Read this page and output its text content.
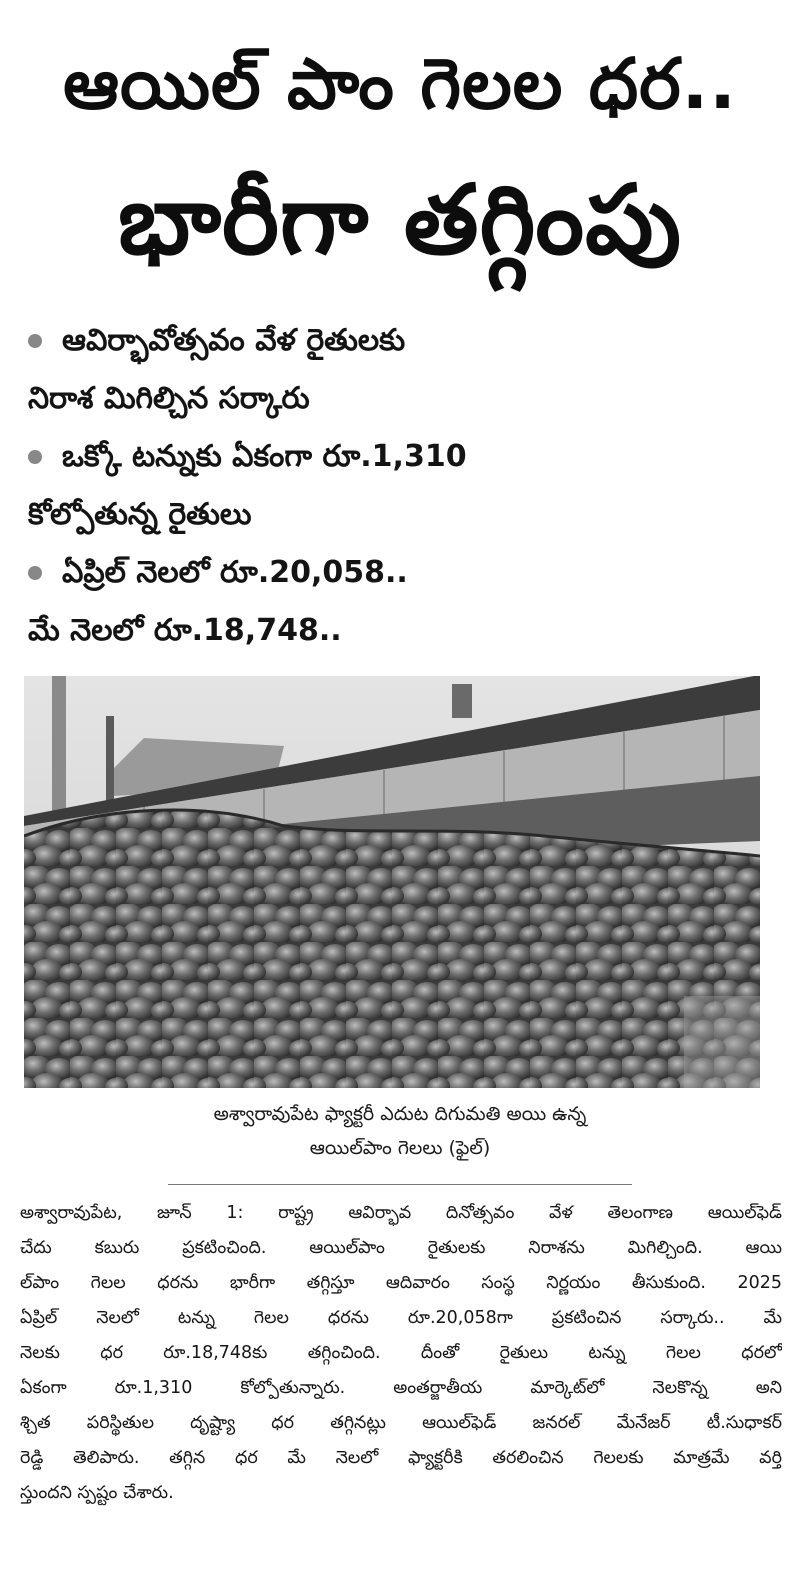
ఆయిల్ పాం గెలల ధర..
భారీగా తగ్గింపు
ఆవిర్భావోత్సవం వేళ రైతులకు
నిరాశ మిగిల్చిన సర్కారు
ఒక్కో టన్నుకు ఏకంగా రూ.1,310
కోల్పోతున్న రైతులు
ఏప్రిల్ నెలలో రూ.20,058..
మే నెలలో రూ.18,748..
అశ్వారావుపేట ఫ్యాక్టరీ ఎదుట దిగుమతి అయి ఉన్న
ఆయిల్‌పాం గెలలు (ఫైల్)
అశ్వారావుపేట, జూన్ 1: రాష్ట్ర ఆవిర్భావ దినోత్సవం వేళ తెలంగాణ ఆయిల్‌ఫెడ్
చేదు కబురు ప్రకటించింది. ఆయిల్‌పాం రైతులకు నిరాశను మిగిల్చింది. ఆయి
ల్‌పాం గెలల ధరను భారీగా తగ్గిస్తూ ఆదివారం సంస్థ నిర్ణయం తీసుకుంది. 2025
ఏప్రిల్ నెలలో టన్ను గెలల ధరను రూ.20,058గా ప్రకటించిన సర్కారు.. మే
నెలకు ధర రూ.18,748కు తగ్గించింది. దీంతో రైతులు టన్ను గెలల ధరలో
ఏకంగా రూ.1,310 కోల్పోతున్నారు. అంతర్జాతీయ మార్కెట్‌లో నెలకొన్న అని
శ్చిత పరిస్థితుల దృష్ట్యా ధర తగ్గినట్లు ఆయిల్‌ఫెడ్ జనరల్ మేనేజర్ టీ.సుధాకర్
రెడ్డి తెలిపారు. తగ్గిన ధర మే నెలలో ఫ్యాక్టరీకి తరలించిన గెలలకు మాత్రమే వర్తి
స్తుందని స్పష్టం చేశారు.
